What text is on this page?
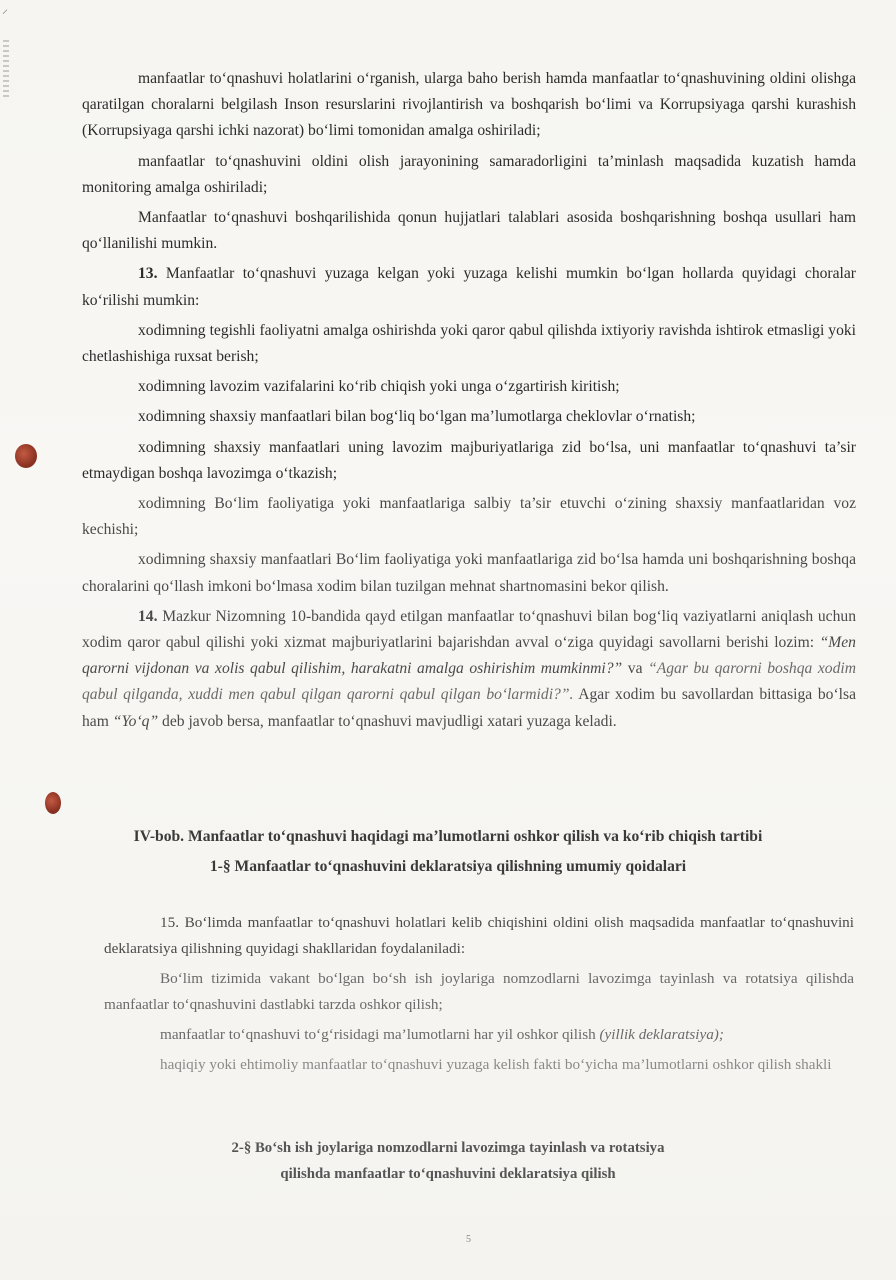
⸝

manfaatlar to‘qnashuvi holatlarini o‘rganish, ularga baho berish hamda manfaatlar to‘qnashuvining oldini olishga qaratilgan choralarni belgilash Inson resurslarini rivojlantirish va boshqarish bo‘limi va Korrupsiyaga qarshi kurashish (Korrupsiyaga qarshi ichki nazorat) bo‘limi tomonidan amalga oshiriladi;

manfaatlar to‘qnashuvini oldini olish jarayonining samaradorligini ta’minlash maqsadida kuzatish hamda monitoring amalga oshiriladi;

Manfaatlar to‘qnashuvi boshqarilishida qonun hujjatlari talablari asosida boshqarishning boshqa usullari ham qo‘llanilishi mumkin.

13. Manfaatlar to‘qnashuvi yuzaga kelgan yoki yuzaga kelishi mumkin bo‘lgan hollarda quyidagi choralar ko‘rilishi mumkin:

xodimning tegishli faoliyatni amalga oshirishda yoki qaror qabul qilishda ixtiyoriy ravishda ishtirok etmasligi yoki chetlashishiga ruxsat berish;

xodimning lavozim vazifalarini ko‘rib chiqish yoki unga o‘zgartirish kiritish;

xodimning shaxsiy manfaatlari bilan bog‘liq bo‘lgan ma’lumotlarga cheklovlar o‘rnatish;

xodimning shaxsiy manfaatlari uning lavozim majburiyatlariga zid bo‘lsa, uni manfaatlar to‘qnashuvi ta’sir etmaydigan boshqa lavozimga o‘tkazish;

xodimning Bo‘lim faoliyatiga yoki manfaatlariga salbiy ta’sir etuvchi o‘zining shaxsiy manfaatlaridan voz kechishi;

xodimning shaxsiy manfaatlari Bo‘lim faoliyatiga yoki manfaatlariga zid bo‘lsa hamda uni boshqarishning boshqa choralarini qo‘llash imkoni bo‘lmasa xodim bilan tuzilgan mehnat shartnomasini bekor qilish.

14. Mazkur Nizomning 10-bandida qayd etilgan manfaatlar to‘qnashuvi bilan bog‘liq vaziyatlarni aniqlash uchun xodim qaror qabul qilishi yoki xizmat majburiyatlarini bajarishdan avval o‘ziga quyidagi savollarni berishi lozim: “Men qarorni vijdonan va xolis qabul qilishim, harakatni amalga oshirishim mumkinmi?” va “Agar bu qarorni boshqa xodim qabul qilganda, xuddi men qabul qilgan qarorni qabul qilgan bo‘larmidi?”. Agar xodim bu savollardan bittasiga bo‘lsa ham “Yo‘q” deb javob bersa, manfaatlar to‘qnashuvi mavjudligi xatari yuzaga keladi.

IV-bob. Manfaatlar to‘qnashuvi haqidagi ma’lumotlarni oshkor qilish va ko‘rib chiqish tartibi

1-§ Manfaatlar to‘qnashuvini deklaratsiya qilishning umumiy qoidalari

15. Bo‘limda manfaatlar to‘qnashuvi holatlari kelib chiqishini oldini olish maqsadida manfaatlar to‘qnashuvini deklaratsiya qilishning quyidagi shakllaridan foydalaniladi:

Bo‘lim tizimida vakant bo‘lgan bo‘sh ish joylariga nomzodlarni lavozimga tayinlash va rotatsiya qilishda manfaatlar to‘qnashuvini dastlabki tarzda oshkor qilish;

manfaatlar to‘qnashuvi to‘g‘risidagi ma’lumotlarni har yil oshkor qilish (yillik deklaratsiya);

haqiqiy yoki ehtimoliy manfaatlar to‘qnashuvi yuzaga kelish fakti bo‘yicha ma’lumotlarni oshkor qilish shakli

2-§ Bo‘sh ish joylariga nomzodlarni lavozimga tayinlash va rotatsiya

qilishda manfaatlar to‘qnashuvini deklaratsiya qilish

5
